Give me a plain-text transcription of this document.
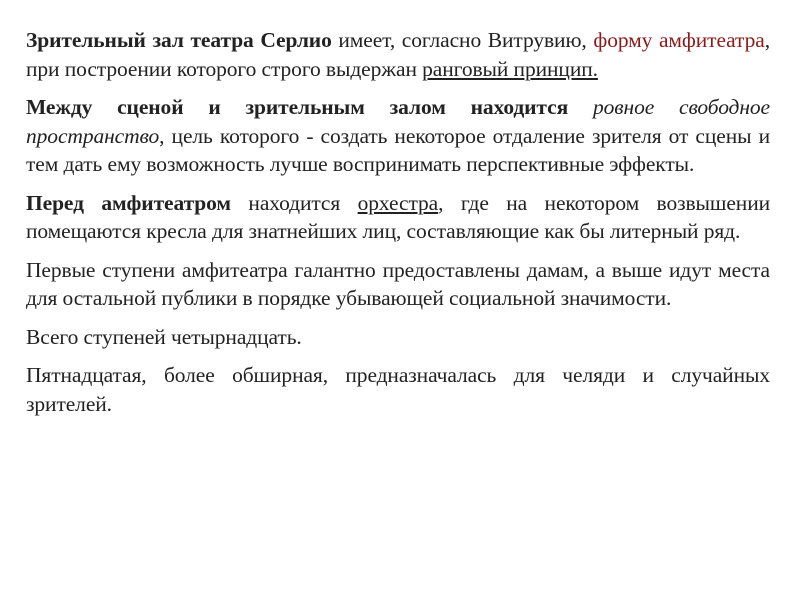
Зрительный зал театра Серлио имеет, согласно Витрувию, форму амфитеатра, при построении которого строго выдержан ранговый принцип.

Между сценой и зрительным залом находится ровное свободное пространство, цель которого - создать некоторое отдаление зрителя от сцены и тем дать ему возможность лучше воспринимать перспективные эффекты.

Перед амфитеатром находится орхестра, где на некотором возвышении помещаются кресла для знатнейших лиц, составляющие как бы литерный ряд.

Первые ступени амфитеатра галантно предоставлены дамам, а выше идут места для остальной публики в порядке убывающей социальной значимости.

Всего ступеней четырнадцать.

Пятнадцатая, более обширная, предназначалась для челяди и случайных зрителей.
